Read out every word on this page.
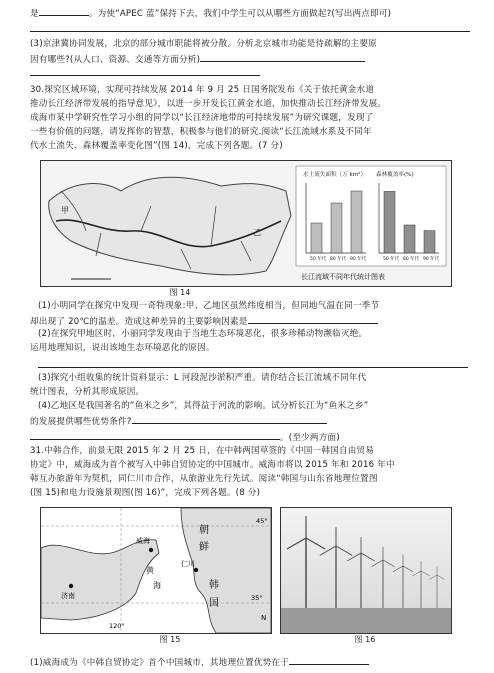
是	。为使“APEC 蓝”保持下去，我们中学生可以从哪些方面做起?(写出两点即可)
(3)京津冀协同发展，北京的部分城市职能将被分散。分析北京城市功能是待疏解的主要原
因有哪些?(从人口、资源、交通等方面分析)
30.探究区域环境，实现可持续发展 2014 年 9 月 25 日国务院发布《关于依托黄金水道
推动长江经济带发展的指导意见》，以进一步开发长江黄金水道，加快推动长江经济带发展。
成海市某中学研究性学习小组的同学以“长江经济地带的可持续发展”为研究课题，发现了
一些有价值的问题，请发挥你的智慧，积极参与他们的研究.阅读“长江流域水系及不同年
代水土流失、森林覆盖率变化图”(图 14)，完成下列各题。(7 分)
甲
乙
50 年代 80 年代 90 年代	50 年代 80 年代 90 年代
水土流失面积（万 km²） 森林覆盖率(%)
长江流域不同年代统计图表
图 14
(1)小明同学在探究中发现一奇特现象:甲、乙地区虽然纬度相当，但同地气温在同一季节
却出现了 20℃的温差。造成这种差异的主要影响因素是
(2)在探究甲地区时，小丽同学发现由于当地生态环境恶化，很多珍稀动物濒临灭绝。
运用地理知识，说出该地生态环境恶化的原因。
(3)探究小组收集的统计资料显示：L 河段泥沙淤积严重。请你结合长江流域不同年代
统计图表，分析其形成原因。
(4)乙地区是我国著名的“鱼米之乡”，其得益于河流的影响。试分析长江为“鱼米之乡”
的发展提供哪些优势条件?
。(至少两方面)
31.中韩合作，前景无限 2015 年 2 月 25 日，在中韩两国草签的《中国一韩国自由贸易
协定》中，威海成为首个被写入中韩自贸协定的中国城市。威海市将以 2015 年和 2016 年中
韩互办旅游年为契机，同仁川市合作，从旅游业先行先试。阅读“韩国与山东省地理位置图
(图 15)和电力设施景观图(图 16)”，完成下列各题。(8 分)
济南
威海
仁川
朝
鲜
韩
国
黄
海
120°
45°
35°
N
图 15	图 16
(1)威海成为《中韩自贸协定》首个中国城市，其地理位置优势在于
